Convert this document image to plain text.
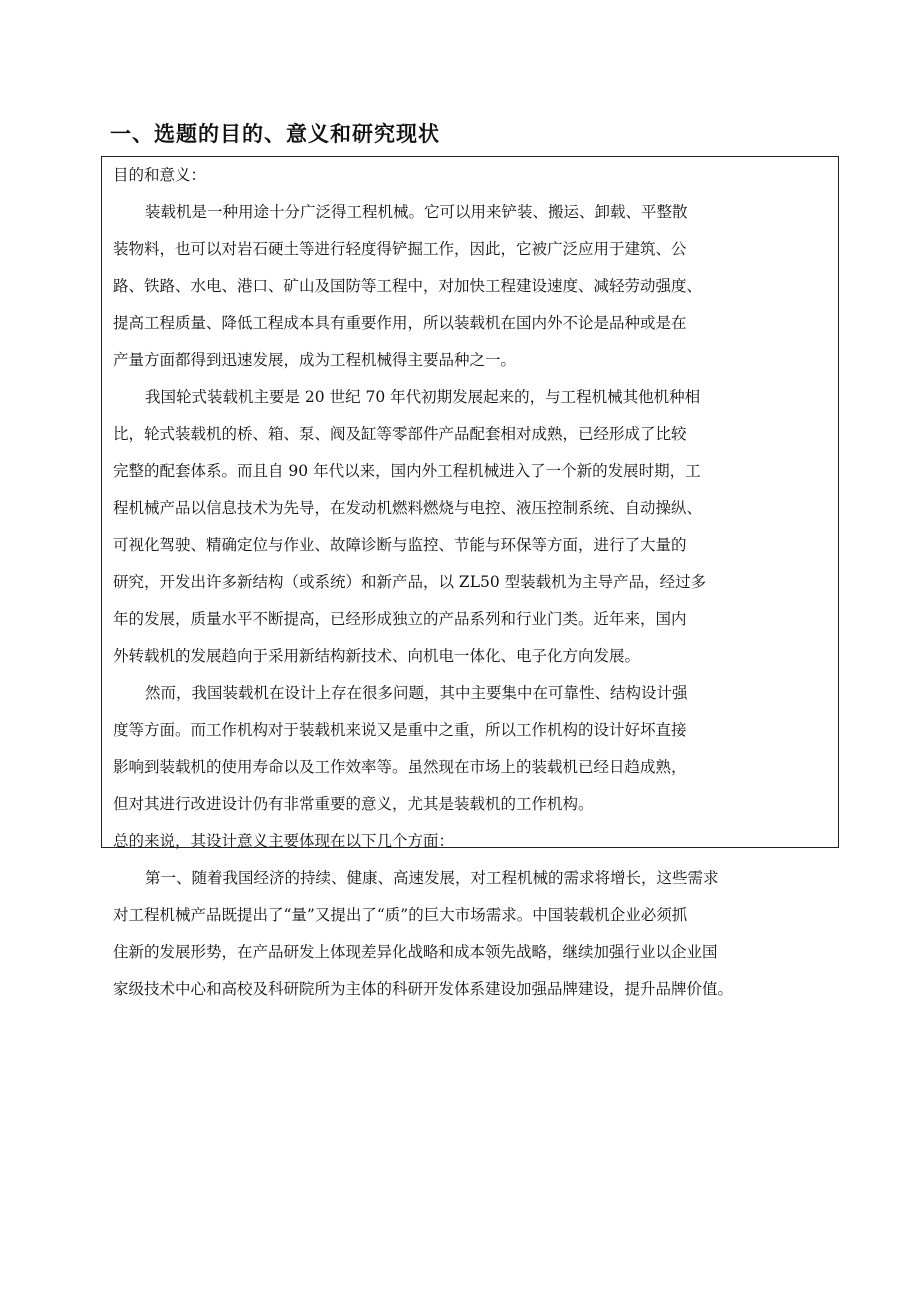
一、选题的目的、意义和研究现状

目的和意义：

装载机是一种用途十分广泛得工程机械。它可以用来铲装、搬运、卸载、平整散

装物料，也可以对岩石硬土等进行轻度得铲掘工作，因此，它被广泛应用于建筑、公

路、铁路、水电、港口、矿山及国防等工程中，对加快工程建设速度、减轻劳动强度、

提高工程质量、降低工程成本具有重要作用，所以装载机在国内外不论是品种或是在

产量方面都得到迅速发展，成为工程机械得主要品种之一。

我国轮式装载机主要是 20 世纪 70 年代初期发展起来的，与工程机械其他机种相

比，轮式装载机的桥、箱、泵、阀及缸等零部件产品配套相对成熟，已经形成了比较

完整的配套体系。而且自 90 年代以来，国内外工程机械进入了一个新的发展时期，工

程机械产品以信息技术为先导，在发动机燃料燃烧与电控、液压控制系统、自动操纵、

可视化驾驶、精确定位与作业、故障诊断与监控、节能与环保等方面，进行了大量的

研究，开发出许多新结构（或系统）和新产品，以 ZL50 型装载机为主导产品，经过多

年的发展，质量水平不断提高，已经形成独立的产品系列和行业门类。近年来，国内

外转载机的发展趋向于采用新结构新技术、向机电一体化、电子化方向发展。

然而，我国装载机在设计上存在很多问题，其中主要集中在可靠性、结构设计强

度等方面。而工作机构对于装载机来说又是重中之重，所以工作机构的设计好坏直接

影响到装载机的使用寿命以及工作效率等。虽然现在市场上的装载机已经日趋成熟，

但对其进行改进设计仍有非常重要的意义，尤其是装载机的工作机构。

总的来说，其设计意义主要体现在以下几个方面：

第一、随着我国经济的持续、健康、高速发展，对工程机械的需求将增长，这些需求

对工程机械产品既提出了“量”又提出了“质”的巨大市场需求。中国装载机企业必须抓

住新的发展形势，在产品研发上体现差异化战略和成本领先战略，继续加强行业以企业国

家级技术中心和高校及科研院所为主体的科研开发体系建设加强品牌建设，提升品牌价值。
